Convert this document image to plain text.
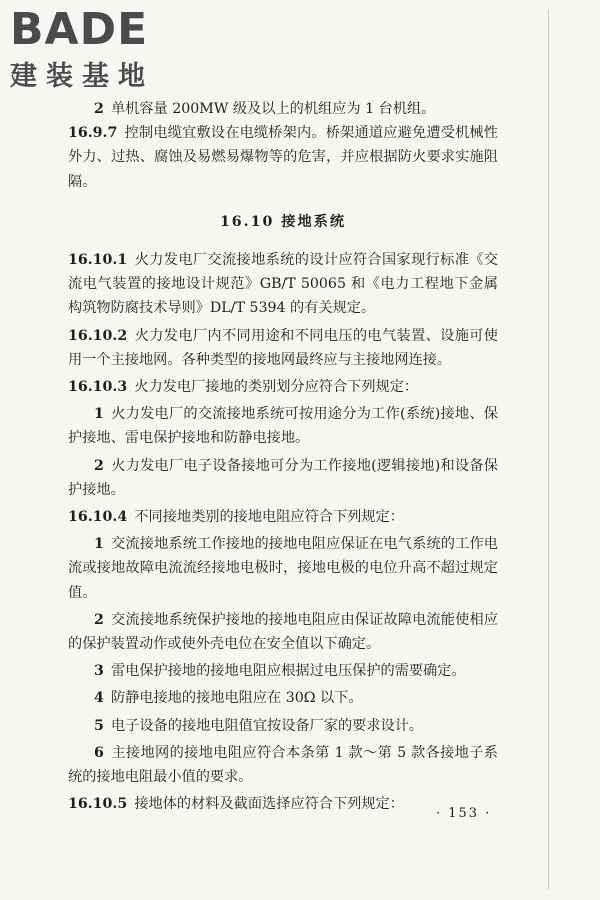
BADE
建装基地

2 单机容量 200MW 级及以上的机组应为 1 台机组。

16.9.7 控制电缆宜敷设在电缆桥架内。桥架通道应避免遭受机械性外力、过热、腐蚀及易燃易爆物等的危害，并应根据防火要求实施阻隔。

16.10 接地系统

16.10.1 火力发电厂交流接地系统的设计应符合国家现行标准《交流电气装置的接地设计规范》GB/T 50065 和《电力工程地下金属构筑物防腐技术导则》DL/T 5394 的有关规定。

16.10.2 火力发电厂内不同用途和不同电压的电气装置、设施可使用一个主接地网。各种类型的接地网最终应与主接地网连接。

16.10.3 火力发电厂接地的类别划分应符合下列规定：

1 火力发电厂的交流接地系统可按用途分为工作(系统)接地、保护接地、雷电保护接地和防静电接地。

2 火力发电厂电子设备接地可分为工作接地(逻辑接地)和设备保护接地。

16.10.4 不同接地类别的接地电阻应符合下列规定：

1 交流接地系统工作接地的接地电阻应保证在电气系统的工作电流或接地故障电流流经接地电极时，接地电极的电位升高不超过规定值。

2 交流接地系统保护接地的接地电阻应由保证故障电流能使相应的保护装置动作或使外壳电位在安全值以下确定。

3 雷电保护接地的接地电阻应根据过电压保护的需要确定。

4 防静电接地的接地电阻应在 30Ω 以下。

5 电子设备的接地电阻值宜按设备厂家的要求设计。

6 主接地网的接地电阻应符合本条第 1 款～第 5 款各接地子系统的接地电阻最小值的要求。

16.10.5 接地体的材料及截面选择应符合下列规定：

· 153 ·
